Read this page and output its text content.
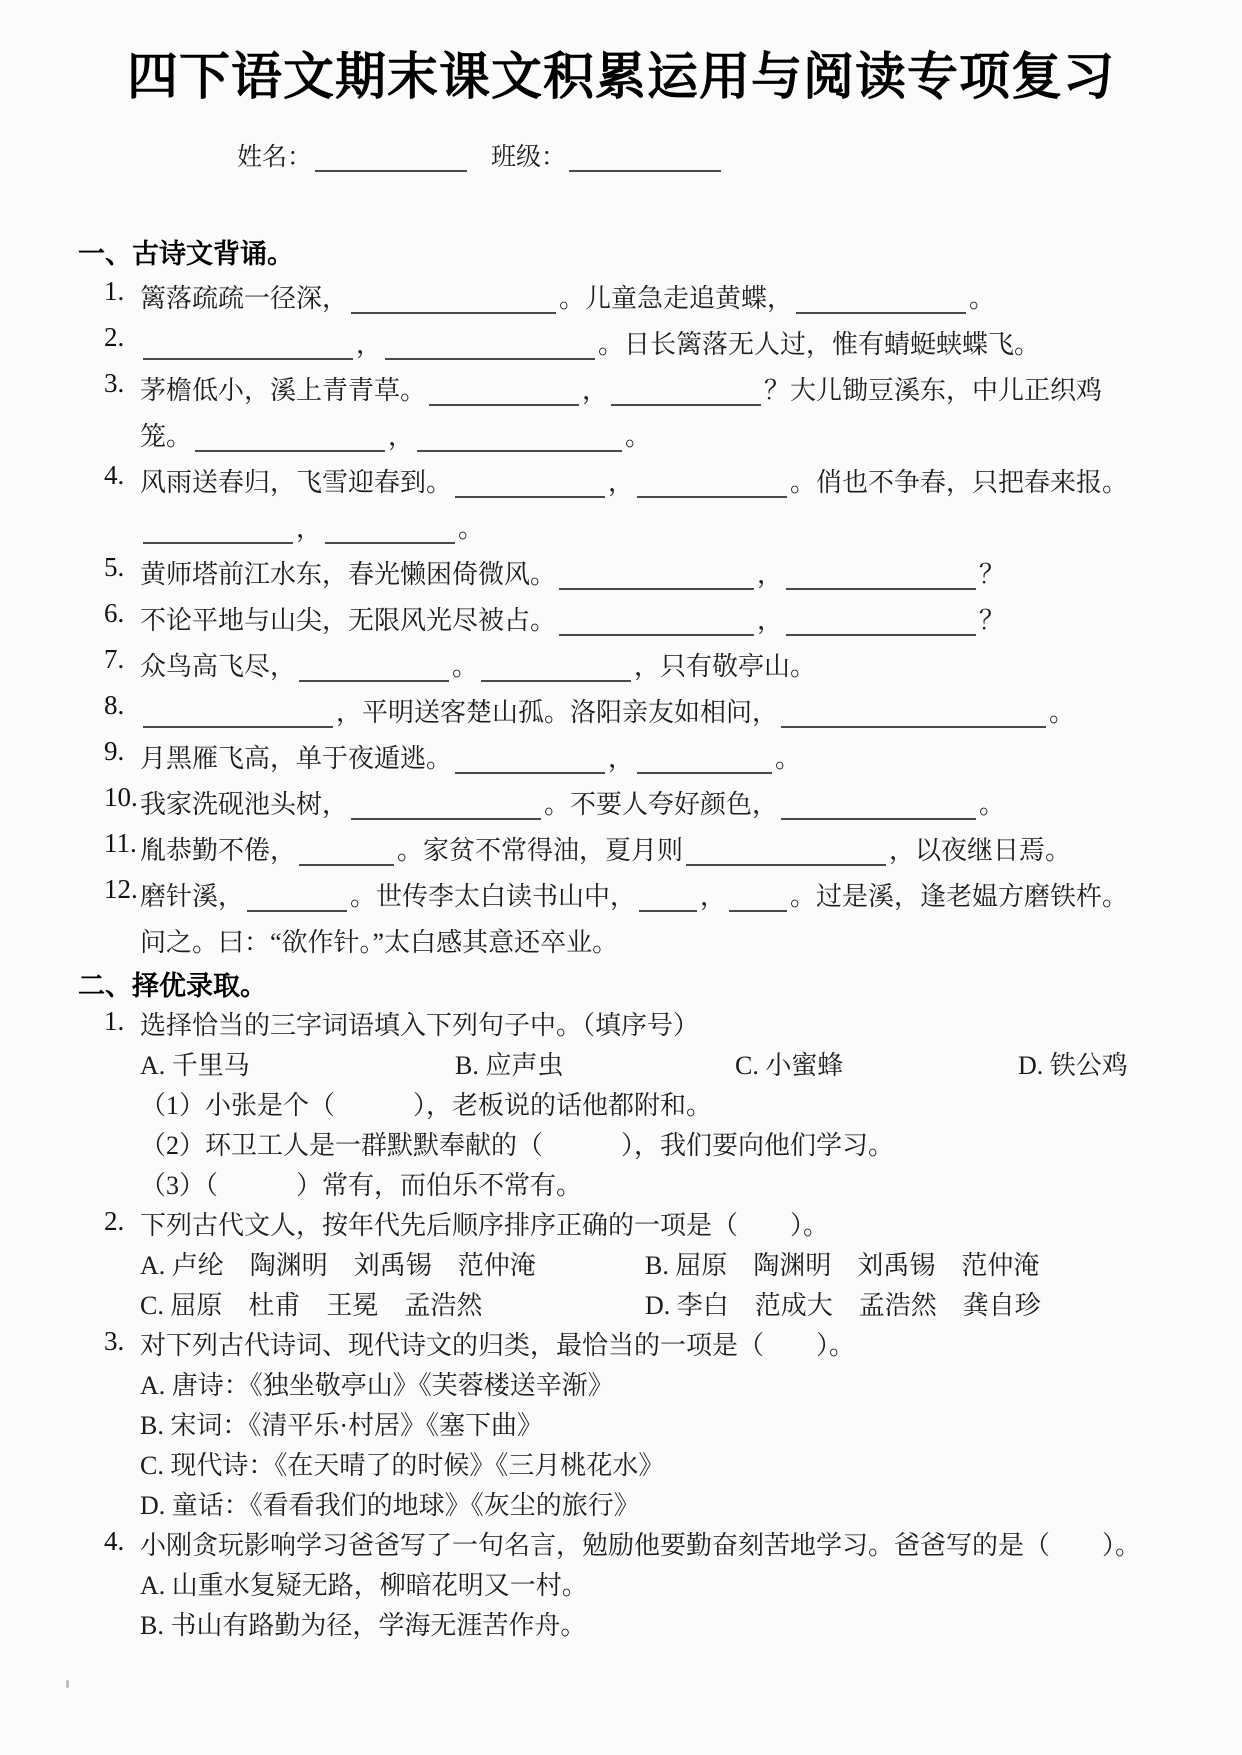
四下语文期末课文积累运用与阅读专项复习
姓名：	班级：
一、古诗文背诵。
1. 篱落疏疏一径深，	。儿童急走追黄蝶，	。
2.	，	。日长篱落无人过，惟有蜻蜓蛱蝶飞。
3. 茅檐低小，溪上青青草。	，	？大儿锄豆溪东，中儿正织鸡
笼。	，	。
4. 风雨送春归，飞雪迎春到。	，	。俏也不争春，只把春来报。
，	。
5. 黄师塔前江水东，春光懒困倚微风。	，	？
6. 不论平地与山尖，无限风光尽被占。	，	？
7. 众鸟高飞尽，	。	，只有敬亭山。
8.	，平明送客楚山孤。洛阳亲友如相问，	。
9. 月黑雁飞高，单于夜遁逃。	，	。
10. 我家洗砚池头树，	。不要人夸好颜色，	。
11. 胤恭勤不倦，	。家贫不常得油，夏月则	，以夜继日焉。
12. 磨针溪，	。世传李太白读书山中， ， 。过是溪，逢老媪方磨铁杵。
问之。曰：“欲作针。”太白感其意还卒业。
二、择优录取。
1. 选择恰当的三字词语填入下列句子中。（填序号）
A. 千里马	B. 应声虫	C. 小蜜蜂	D. 铁公鸡
（1）小张是个（　　　），老板说的话他都附和。
（2）环卫工人是一群默默奉献的（　　　），我们要向他们学习。
（3）（　　　）常有，而伯乐不常有。
2. 下列古代文人，按年代先后顺序排序正确的一项是（　　）。
A. 卢纶　陶渊明　刘禹锡　范仲淹	B. 屈原　陶渊明　刘禹锡　范仲淹
C. 屈原　杜甫　王冕　孟浩然	D. 李白　范成大　孟浩然　龚自珍
3. 对下列古代诗词、现代诗文的归类，最恰当的一项是（　　）。
A. 唐诗：《独坐敬亭山》《芙蓉楼送辛渐》
B. 宋词：《清平乐·村居》《塞下曲》
C. 现代诗：《在天晴了的时候》《三月桃花水》
D. 童话：《看看我们的地球》《灰尘的旅行》
4. 小刚贪玩影响学习爸爸写了一句名言，勉励他要勤奋刻苦地学习。爸爸写的是（　　）。
A. 山重水复疑无路，柳暗花明又一村。
B. 书山有路勤为径，学海无涯苦作舟。
